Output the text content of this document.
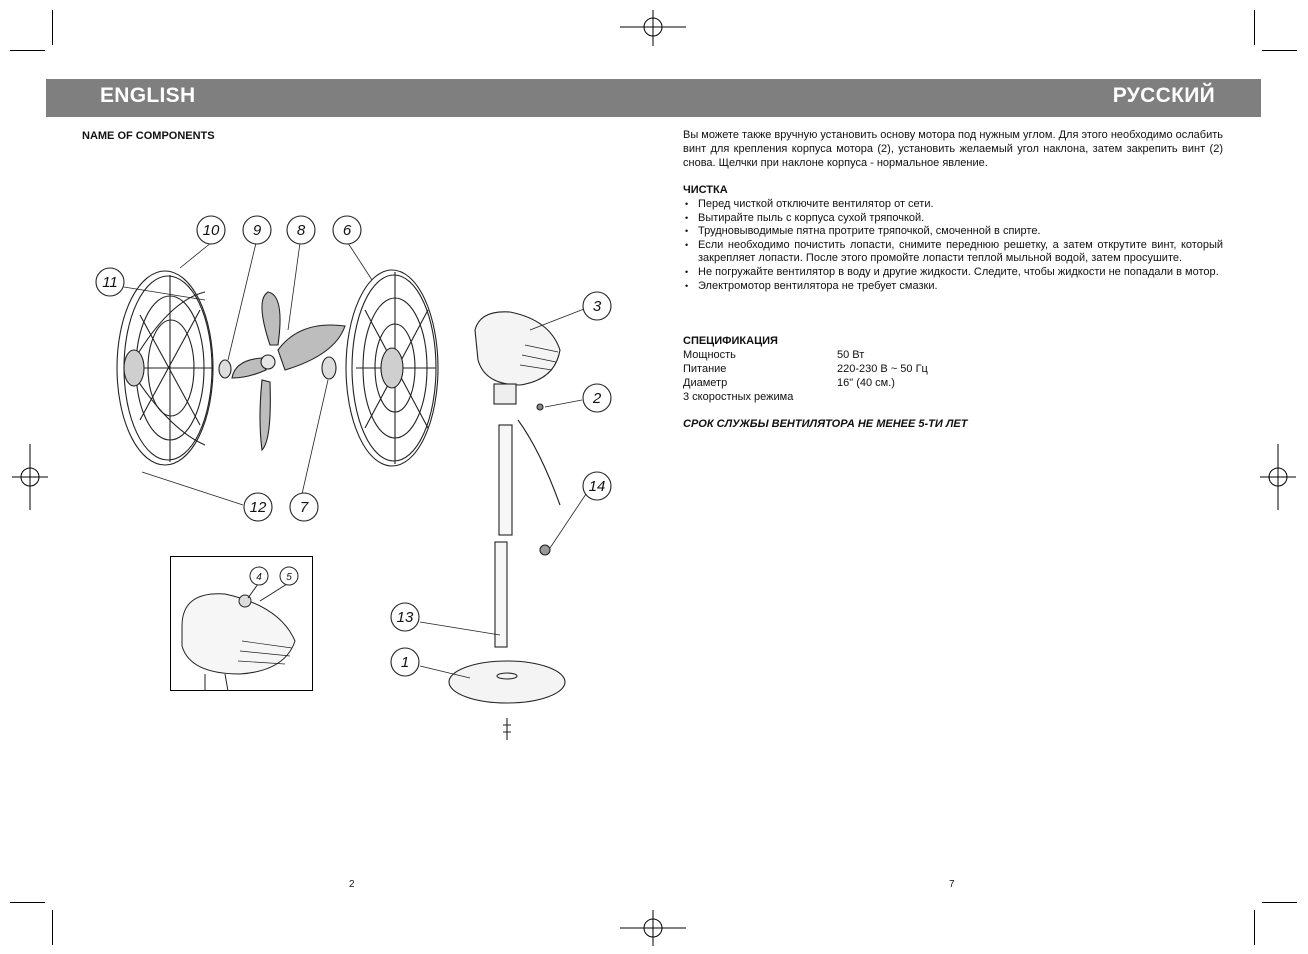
ENGLISH	РУССКИЙ
NAME OF COMPONENTS
10 9 8	6
11
3
2
14
12 7
13
1
4 5
2

Вы можете также вручную установить основу мотора под нужным углом. Для этого необходимо ослабить винт для крепления корпуса мотора (2), установить желаемый угол наклона, затем закрепить винт (2) снова. Щелчки при наклоне корпуса - нормальное явление.

ЧИСТКА
• Перед чисткой отключите вентилятор от сети.
• Вытирайте пыль с корпуса сухой тряпочкой.
• Трудновыводимые пятна протрите тряпочкой, смоченной в спирте.
• Если необходимо почистить лопасти, снимите переднюю решетку, а затем открутите винт, который закрепляет лопасти. После этого промойте лопасти теплой мыльной водой, затем просушите.
• Не погружайте вентилятор в воду и другие жидкости. Следите, чтобы жидкости не попадали в мотор.
• Электромотор вентилятора не требует смазки.
СПЕЦИФИКАЦИЯ
Мощность	50 Вт
Питание	220-230 В ~ 50 Гц
Диаметр	16" (40 см.)
3 скоростных режима
СРОК СЛУЖБЫ ВЕНТИЛЯТОРА НЕ МЕНЕЕ 5-ТИ ЛЕТ
7
